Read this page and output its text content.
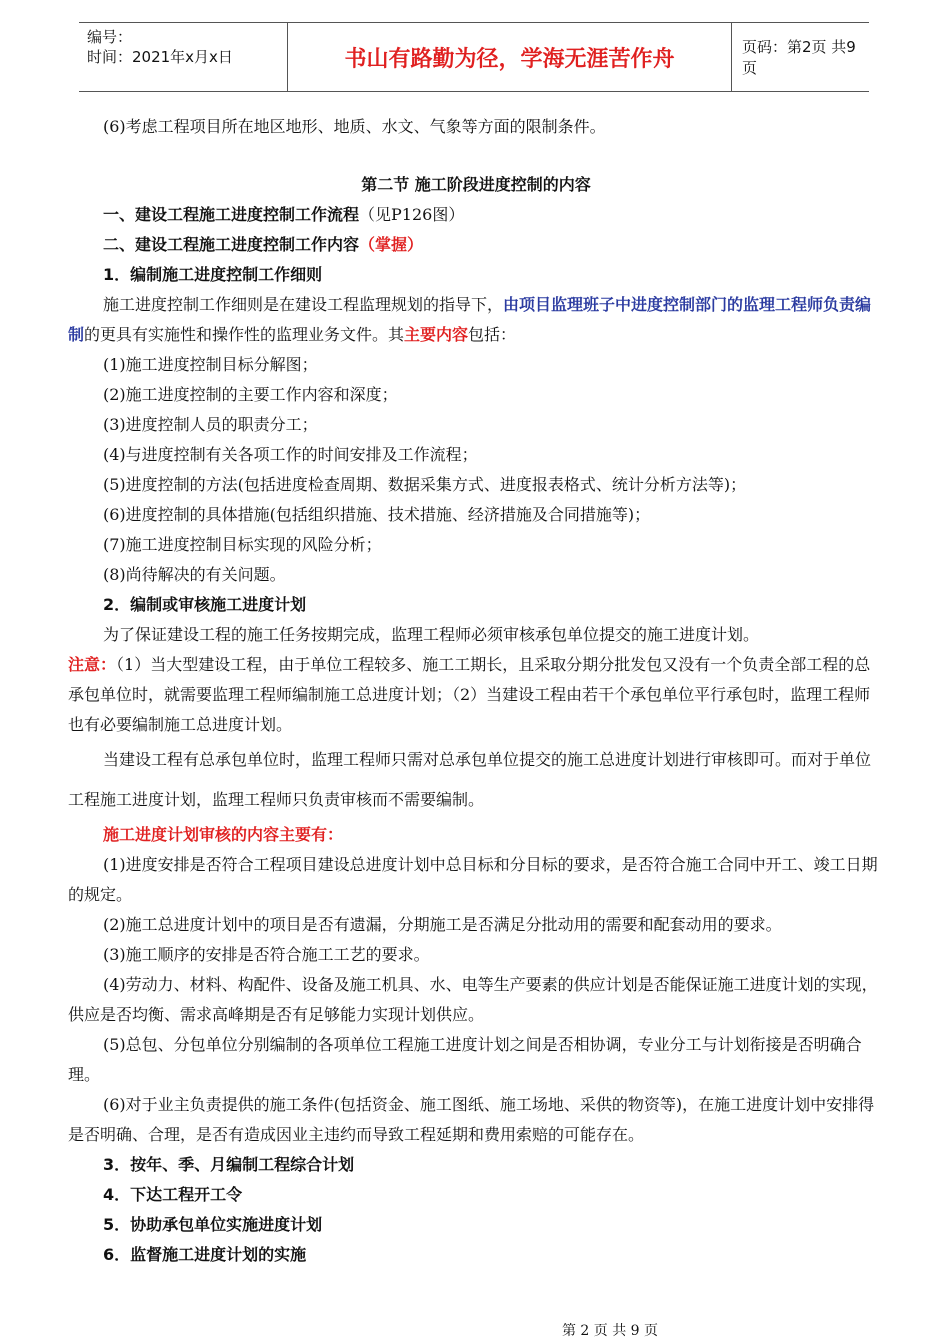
编号：
时间：2021年x月x日	书山有路勤为径，学海无涯苦作舟	页码：第2页 共9页

(6)考虑工程项目所在地区地形、地质、水文、气象等方面的限制条件。

第二节 施工阶段进度控制的内容

一、建设工程施工进度控制工作流程（见P126图）

二、建设工程施工进度控制工作内容（掌握）

1．编制施工进度控制工作细则

施工进度控制工作细则是在建设工程监理规划的指导下，由项目监理班子中进度控制部门的监理工程师负责编制的更具有实施性和操作性的监理业务文件。其主要内容包括：

(1)施工进度控制目标分解图；

(2)施工进度控制的主要工作内容和深度；

(3)进度控制人员的职责分工；

(4)与进度控制有关各项工作的时间安排及工作流程；

(5)进度控制的方法(包括进度检查周期、数据采集方式、进度报表格式、统计分析方法等)；

(6)进度控制的具体措施(包括组织措施、技术措施、经济措施及合同措施等)；

(7)施工进度控制目标实现的风险分析；

(8)尚待解决的有关问题。

2．编制或审核施工进度计划

为了保证建设工程的施工任务按期完成，监理工程师必须审核承包单位提交的施工进度计划。

注意：（1）当大型建设工程，由于单位工程较多、施工工期长，且采取分期分批发包又没有一个负责全部工程的总承包单位时，就需要监理工程师编制施工总进度计划；（2）当建设工程由若干个承包单位平行承包时，监理工程师也有必要编制施工总进度计划。

当建设工程有总承包单位时，监理工程师只需对总承包单位提交的施工总进度计划进行审核即可。而对于单位工程施工进度计划，监理工程师只负责审核而不需要编制。

施工进度计划审核的内容主要有：

(1)进度安排是否符合工程项目建设总进度计划中总目标和分目标的要求，是否符合施工合同中开工、竣工日期的规定。

(2)施工总进度计划中的项目是否有遗漏，分期施工是否满足分批动用的需要和配套动用的要求。

(3)施工顺序的安排是否符合施工工艺的要求。

(4)劳动力、材料、构配件、设备及施工机具、水、电等生产要素的供应计划是否能保证施工进度计划的实现，供应是否均衡、需求高峰期是否有足够能力实现计划供应。

(5)总包、分包单位分别编制的各项单位工程施工进度计划之间是否相协调，专业分工与计划衔接是否明确合理。

(6)对于业主负责提供的施工条件(包括资金、施工图纸、施工场地、采供的物资等)，在施工进度计划中安排得是否明确、合理，是否有造成因业主违约而导致工程延期和费用索赔的可能存在。

3．按年、季、月编制工程综合计划

4．下达工程开工令

5．协助承包单位实施进度计划

6．监督施工进度计划的实施

第 2 页 共 9 页
